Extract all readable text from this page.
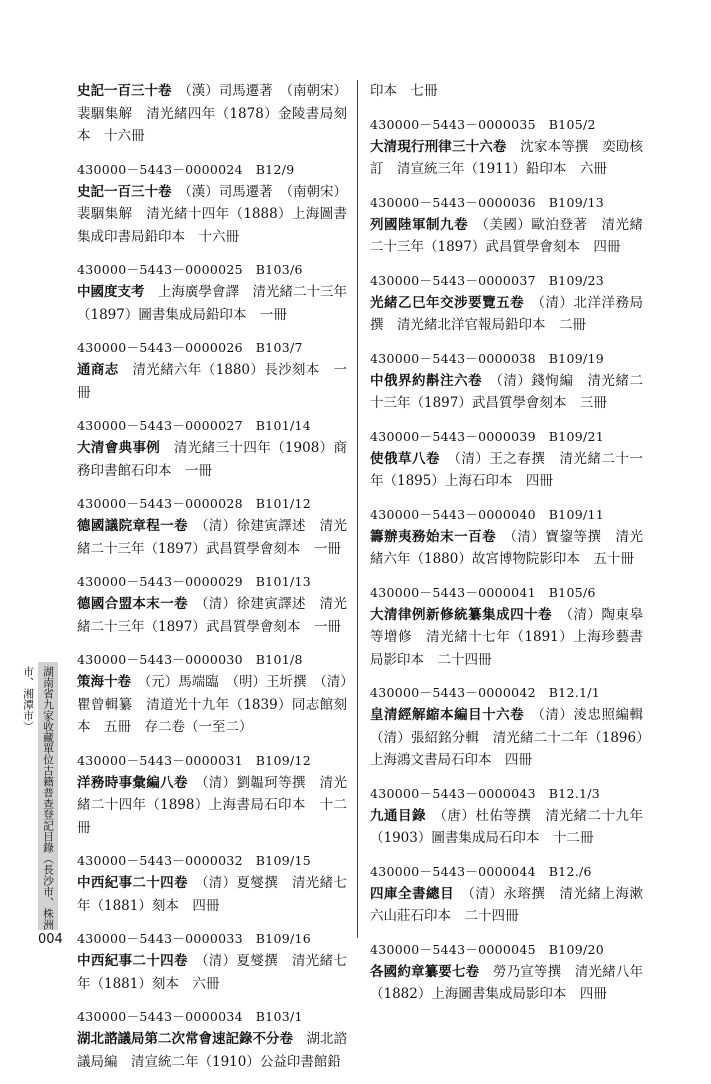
史記一百三十卷　 （漢）司馬遷著　（南朝宋）裴駰集解　清光緒四年（1878）金陵書局刻本　十六冊
430000－5443－0000024　B12/9
史記一百三十卷　 （漢）司馬遷著　（南朝宋）裴駰集解　清光緒十四年（1888）上海圖書集成印書局鉛印本　十六冊
430000－5443－0000025　B103/6
中國度支考　 上海廣學會譯　清光緒二十三年（1897）圖書集成局鉛印本　一冊
430000－5443－0000026　B103/7
通商志　 清光緒六年（1880）長沙刻本　一冊
430000－5443－0000027　B101/14
大清會典事例　 清光緒三十四年（1908）商務印書館石印本　一冊
430000－5443－0000028　B101/12
德國議院章程一卷　 （清）徐建寅譯述　清光緒二十三年（1897）武昌質學會刻本　一冊
430000－5443－0000029　B101/13
德國合盟本末一卷　 （清）徐建寅譯述　清光緒二十三年（1897）武昌質學會刻本　一冊
430000－5443－0000030　B101/8
策海十卷　 （元）馬端臨　（明）王圻撰　（清）瞿曾輯纂　清道光十九年（1839）同志館刻本　五冊　存二卷（一至二）
430000－5443－0000031　B109/12
洋務時事彙編八卷　 （清）劉韞珂等撰　清光緒二十四年（1898）上海書局石印本　十二冊
430000－5443－0000032　B109/15
中西紀事二十四卷　 （清）夏燮撰　清光緒七年（1881）刻本　四冊
430000－5443－0000033　B109/16
中西紀事二十四卷　 （清）夏燮撰　清光緒七年（1881）刻本　六冊
430000－5443－0000034　B103/1
湖北諮議局第二次常會速記錄不分卷　 湖北諮議局編　清宣統二年（1910）公益印書館鉛
印本　七冊
430000－5443－0000035　B105/2
大清現行刑律三十六卷　 沈家本等撰　奕劻核訂　清宣統三年（1911）鉛印本　六冊
430000－5443－0000036　B109/13
列國陸軍制九卷　 （美國）歐泊登著　清光緒二十三年（1897）武昌質學會刻本　四冊
430000－5443－0000037　B109/23
光緒乙巳年交涉要覽五卷　 （清）北洋洋務局撰　清光緒北洋官報局鉛印本　二冊
430000－5443－0000038　B109/19
中俄界約斠注六卷　 （清）錢恂編　清光緒二十三年（1897）武昌質學會刻本　三冊
430000－5443－0000039　B109/21
使俄草八卷　 （清）王之春撰　清光緒二十一年（1895）上海石印本　四冊
430000－5443－0000040　B109/11
籌辦夷務始末一百卷　 （清）寶鋆等撰　清光緒六年（1880）故宮博物院影印本　五十冊
430000－5443－0000041　B105/6
大清律例新修統纂集成四十卷　 （清）陶東皋等增修　清光緒十七年（1891）上海珍藝書局影印本　二十四冊
430000－5443－0000042　B12.1/1
皇清經解縮本編目十六卷　 （清）淩忠照編輯（清）張紹銘分輯　清光緒二十二年（1896）上海鴻文書局石印本　四冊
430000－5443－0000043　B12.1/3
九通目錄　 （唐）杜佑等撰　清光緒二十九年（1903）圖書集成局石印本　十二冊
430000－5443－0000044　B12./6
四庫全書總目　 （清）永瑢撰　清光緒上海漱六山莊石印本　二十四冊
430000－5443－0000045　B109/20
各國約章纂要七卷　 勞乃宣等撰　清光緒八年（1882）上海圖書集成局影印本　四冊
湖南省九家收藏單位古籍普查登記目錄（長沙市、株洲市、湘潭市）
004
